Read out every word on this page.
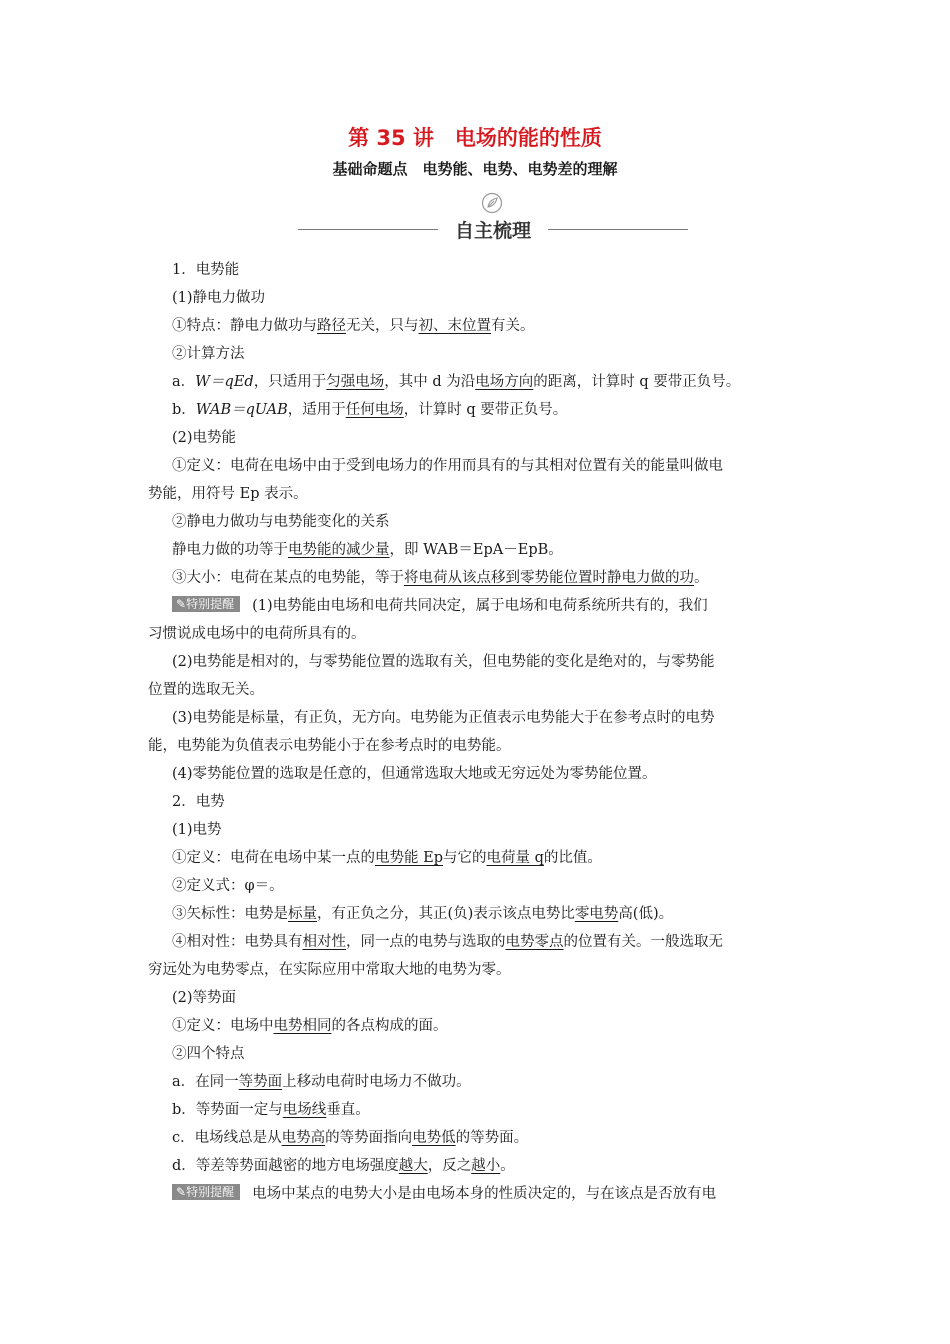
第 35 讲　电场的能的性质
基础命题点　电势能、电势、电势差的理解
自主梳理
1．电势能
(1)静电力做功
①特点：静电力做功与路径无关，只与初、末位置有关。
②计算方法
a．W＝qEd，只适用于匀强电场，其中 d 为沿电场方向的距离，计算时 q 要带正负号。
b．WAB＝qUAB，适用于任何电场，计算时 q 要带正负号。
(2)电势能
①定义：电荷在电场中由于受到电场力的作用而具有的与其相对位置有关的能量叫做电
势能，用符号 Ep 表示。
②静电力做功与电势能变化的关系
静电力做的功等于电势能的减少量，即 WAB＝EpA－EpB。
③大小：电荷在某点的电势能，等于将电荷从该点移到零势能位置时静电力做的功。
✎特别提醒 (1)电势能由电场和电荷共同决定，属于电场和电荷系统所共有的，我们
习惯说成电场中的电荷所具有的。
(2)电势能是相对的，与零势能位置的选取有关，但电势能的变化是绝对的，与零势能
位置的选取无关。
(3)电势能是标量，有正负，无方向。电势能为正值表示电势能大于在参考点时的电势
能，电势能为负值表示电势能小于在参考点时的电势能。
(4)零势能位置的选取是任意的，但通常选取大地或无穷远处为零势能位置。
2．电势
(1)电势
①定义：电荷在电场中某一点的电势能 Ep与它的电荷量 q的比值。
②定义式：φ＝。
③矢标性：电势是标量，有正负之分，其正(负)表示该点电势比零电势高(低)。
④相对性：电势具有相对性，同一点的电势与选取的电势零点的位置有关。一般选取无
穷远处为电势零点，在实际应用中常取大地的电势为零。
(2)等势面
①定义：电场中电势相同的各点构成的面。
②四个特点
a．在同一等势面上移动电荷时电场力不做功。
b．等势面一定与电场线垂直。
c．电场线总是从电势高的等势面指向电势低的等势面。
d．等差等势面越密的地方电场强度越大，反之越小。
✎特别提醒 电场中某点的电势大小是由电场本身的性质决定的，与在该点是否放有电
